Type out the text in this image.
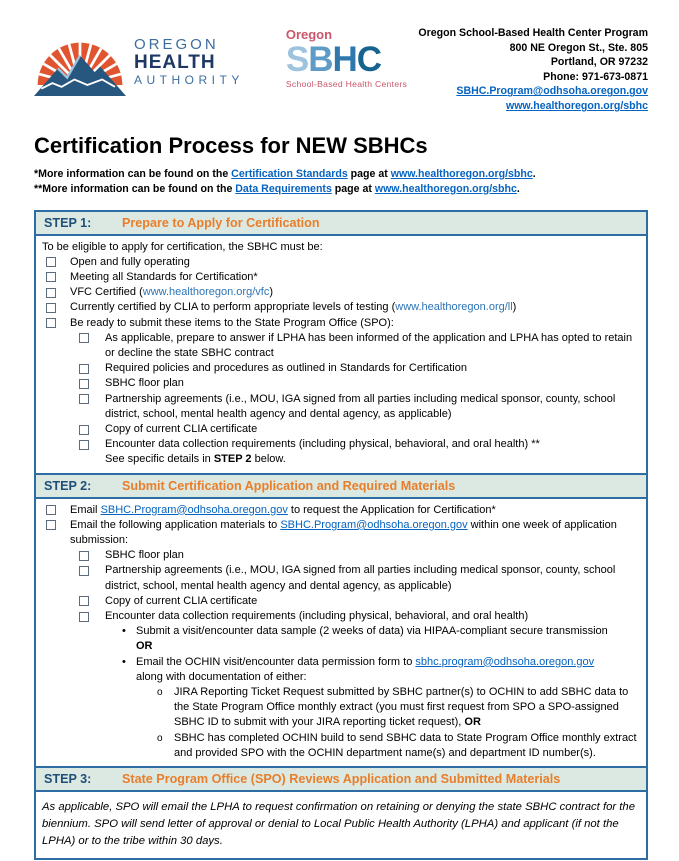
OREGON
HEALTH
AUTHORITY
Oregon
SBHC
School-Based Health Centers
Oregon School-Based Health Center Program
800 NE Oregon St., Ste. 805
Portland, OR 97232
Phone: 971-673-0871
SBHC.Program@odhsoha.oregon.gov
www.healthoregon.org/sbhc
Certification Process for NEW SBHCs
*More information can be found on the Certification Standards page at www.healthoregon.org/sbhc.
**More information can be found on the Data Requirements page at www.healthoregon.org/sbhc.
STEP 1:	Prepare to Apply for Certification
To be eligible to apply for certification, the SBHC must be:
Open and fully operating
Meeting all Standards for Certification*
VFC Certified (www.healthoregon.org/vfc)
Currently certified by CLIA to perform appropriate levels of testing (www.healthoregon.org/ll)
Be ready to submit these items to the State Program Office (SPO):
As applicable, prepare to answer if LPHA has been informed of the application and LPHA has opted to retain or decline the state SBHC contract
Required policies and procedures as outlined in Standards for Certification
SBHC floor plan
Partnership agreements (i.e., MOU, IGA signed from all parties including medical sponsor, county, school district, school, mental health agency and dental agency, as applicable)
Copy of current CLIA certificate
Encounter data collection requirements (including physical, behavioral, and oral health) **
See specific details in STEP 2 below.
STEP 2:	Submit Certification Application and Required Materials
Email SBHC.Program@odhsoha.oregon.gov to request the Application for Certification*
Email the following application materials to SBHC.Program@odhsoha.oregon.gov within one week of application submission:
SBHC floor plan
Partnership agreements (i.e., MOU, IGA signed from all parties including medical sponsor, county, school district, school, mental health agency and dental agency, as applicable)
Copy of current CLIA certificate
Encounter data collection requirements (including physical, behavioral, and oral health)
• Submit a visit/encounter data sample (2 weeks of data) via HIPAA-compliant secure transmission
OR
• Email the OCHIN visit/encounter data permission form to sbhc.program@odhsoha.oregon.gov
along with documentation of either:
o	JIRA Reporting Ticket Request submitted by SBHC partner(s) to OCHIN to add SBHC data to the State Program Office monthly extract (you must first request from SPO a SPO-assigned SBHC ID to submit with your JIRA reporting ticket request), OR
o	SBHC has completed OCHIN build to send SBHC data to State Program Office monthly extract and provided SPO with the OCHIN department name(s) and department ID number(s).
STEP 3:	State Program Office (SPO) Reviews Application and Submitted Materials
As applicable, SPO will email the LPHA to request confirmation on retaining or denying the state SBHC contract for the biennium. SPO will send letter of approval or denial to Local Public Health Authority (LPHA) and applicant (if not the LPHA) or to the tribe within 30 days.
